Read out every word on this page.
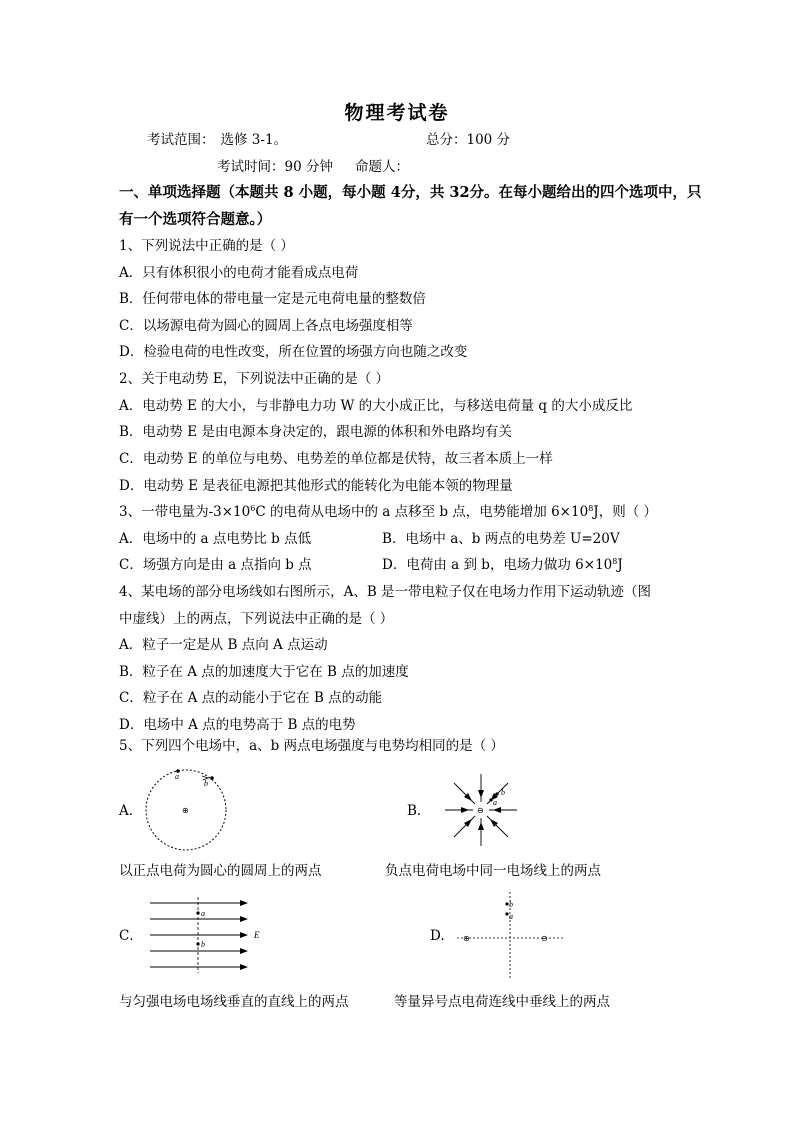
物理考试卷
考试范围： 选修 3-1。	总分：100 分
考试时间：90 分钟 命题人：
一、单项选择题（本题共 8 小题，每小题 4分，共 32分。在每小题给出的四个选项中，只
有一个选项符合题意。）
1、下列说法中正确的是（ ）
A．只有体积很小的电荷才能看成点电荷
B．任何带电体的带电量一定是元电荷电量的整数倍
C．以场源电荷为圆心的圆周上各点电场强度相等
D．检验电荷的电性改变，所在位置的场强方向也随之改变
2、关于电动势 E，下列说法中正确的是（ ）
A．电动势 E 的大小，与非静电力功 W 的大小成正比，与移送电荷量 q 的大小成反比
B．电动势 E 是由电源本身决定的，跟电源的体积和外电路均有关
C．电动势 E 的单位与电势、电势差的单位都是伏特，故三者本质上一样
D．电动势 E 是表征电源把其他形式的能转化为电能本领的物理量
3、一带电量为$-3\times 10^6C$ 的电荷从电场中的 a 点移至 b 点，电势能增加 $6\times 10^8J$，则（ ）
A．电场中的 a 点电势比 b 点低	B．电场中 a、b 两点的电势差 U=20V
C．场强方向是由 a 点指向 b 点	D．电荷由 a 到 b，电场力做功 $6\times 10^8J$
4、某电场的部分电场线如右图所示，A、B 是一带电粒子仅在电场力作用下运动轨迹（图
中虚线）上的两点，下列说法中正确的是（ ）
A．粒子一定是从 B 点向 A 点运动
B．粒子在 A 点的加速度大于它在 B 点的加速度
C．粒子在 A 点的动能小于它在 B 点的动能
D．电场中 A 点的电势高于 B 点的电势
5、下列四个电场中，a、b 两点电场强度与电势均相同的是（ ）
A．
a
b
⊕	B.
b
a
⊖
以正点电荷为圆心的圆周上的两点	负点电荷电场中同一电场线上的两点
C．
a
b
E	D.
b
a
⊕	⊖
与匀强电场电场线垂直的直线上的两点	等量异号点电荷连线中垂线上的两点
